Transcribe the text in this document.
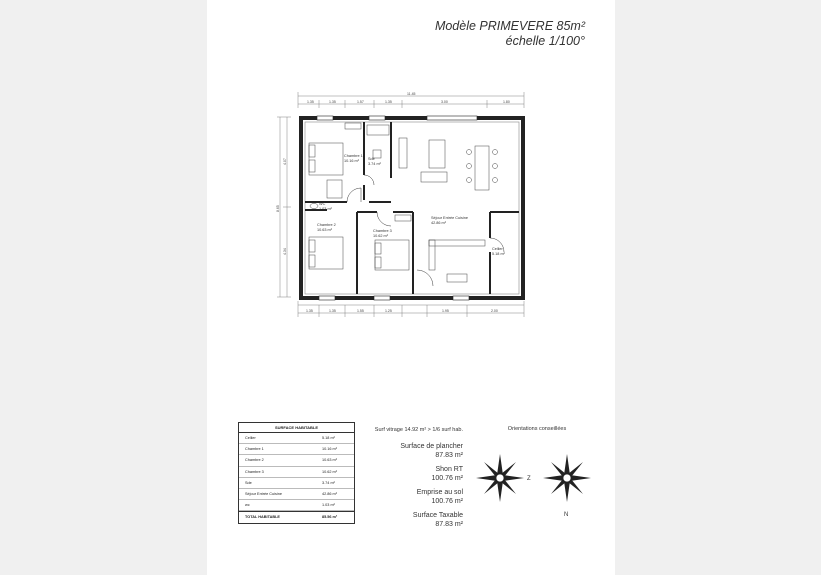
Modèle PRIMEVERE 85m²
échelle 1/100°
11.45
1.35	1.35	1.57	1.35	3.00	1.80
8.65
4.07
4.34
1.35	1.35	1.55	1.25	1.95	2.00
Chambre 1
10.16 m² Sde
3.74 m²
Chambre 2
10.63 m²	Chambre 3
10.62 m²
Séjour Entrée Cuisine
42.86 m²
Cellier
5.18 m²
WC
1.03 m²
SURFACE HABITABLE
Cellier	5.18 m²
Chambre 1	10.16 m²
Chambre 2	10.63 m²
Chambre 3	10.62 m²
Sde	3.74 m²
Séjour Entrée Cuisine	42.86 m²
wc	1.03 m²
TOTAL HABITABLE	85.56 m²
Surf vitrage 14.92 m² > 1/6 surf hab.
Surface de plancher
87.83 m²
Shon RT
100.76 m²
Emprise au sol
100.76 m²
Surface Taxable
87.83 m²
Orientations conseillées
Z
N
